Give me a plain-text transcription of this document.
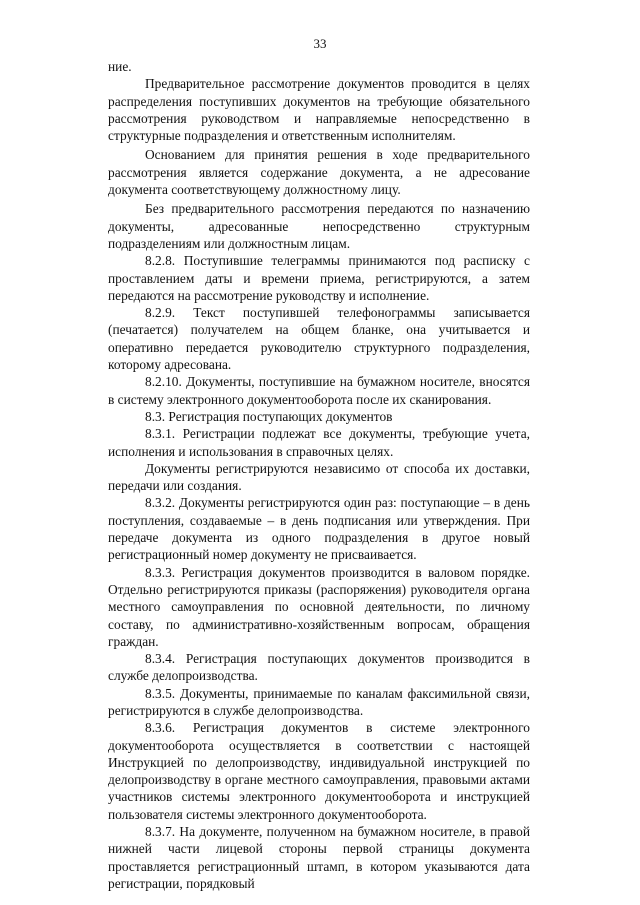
33

ние.

Предварительное рассмотрение документов проводится в целях распределения поступивших документов на требующие обязательного рассмотрения руководством и направляемые непосредственно в структурные подразделения и ответственным исполнителям.

Основанием для принятия решения в ходе предварительного рассмотрения является содержание документа, а не адресование документа соответствующему должностному лицу.

Без предварительного рассмотрения передаются по назначению документы, адресованные непосредственно структурным подразделениям или должностным лицам.

8.2.8. Поступившие телеграммы принимаются под расписку с проставлением даты и времени приема, регистрируются, а затем передаются на рассмотрение руководству и исполнение.

8.2.9. Текст поступившей телефонограммы записывается (печатается) получателем на общем бланке, она учитывается и оперативно передается руководителю структурного подразделения, которому адресована.

8.2.10. Документы, поступившие на бумажном носителе, вносятся в систему электронного документооборота после их сканирования.

8.3. Регистрация поступающих документов

8.3.1. Регистрации подлежат все документы, требующие учета, исполнения и использования в справочных целях.

Документы регистрируются независимо от способа их доставки, передачи или создания.

8.3.2. Документы регистрируются один раз: поступающие – в день поступления, создаваемые – в день подписания или утверждения. При передаче документа из одного подразделения в другое новый регистрационный номер документу не присваивается.

8.3.3. Регистрация документов производится в валовом порядке. Отдельно регистрируются приказы (распоряжения) руководителя органа местного самоуправления по основной деятельности, по личному составу, по административно-хозяйственным вопросам, обращения граждан.

8.3.4. Регистрация поступающих документов производится в службе делопроизводства.

8.3.5. Документы, принимаемые по каналам факсимильной связи, регистрируются в службе делопроизводства.

8.3.6. Регистрация документов в системе электронного документооборота осуществляется в соответствии с настоящей Инструкцией по делопроизводству, индивидуальной инструкцией по делопроизводству в органе местного самоуправления, правовыми актами участников системы электронного документооборота и инструкцией пользователя системы электронного документооборота.

8.3.7. На документе, полученном на бумажном носителе, в правой нижней части лицевой стороны первой страницы документа проставляется регистрационный штамп, в котором указываются дата регистрации, порядковый
